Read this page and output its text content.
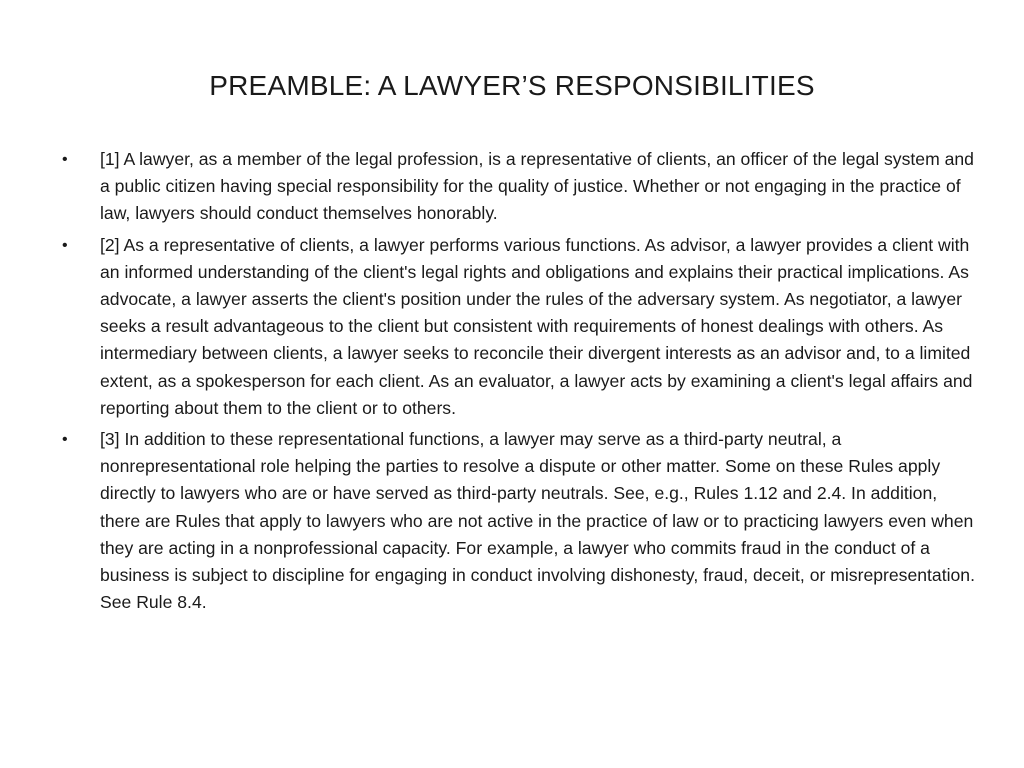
PREAMBLE: A LAWYER’S RESPONSIBILITIES
• [1] A lawyer, as a member of the legal profession, is a representative of clients, an officer of the legal system and a public citizen having special responsibility for the quality of justice. Whether or not engaging in the practice of law, lawyers should conduct themselves honorably.
• [2] As a representative of clients, a lawyer performs various functions. As advisor, a lawyer provides a client with an informed understanding of the client's legal rights and obligations and explains their practical implications. As advocate, a lawyer asserts the client's position under the rules of the adversary system. As negotiator, a lawyer seeks a result advantageous to the client but consistent with requirements of honest dealings with others. As intermediary between clients, a lawyer seeks to reconcile their divergent interests as an advisor and, to a limited extent, as a spokesperson for each client. As an evaluator, a lawyer acts by examining a client's legal affairs and reporting about them to the client or to others.
• [3] In addition to these representational functions, a lawyer may serve as a third-party neutral, a nonrepresentational role helping the parties to resolve a dispute or other matter. Some on these Rules apply directly to lawyers who are or have served as third-party neutrals. See, e.g., Rules 1.12 and 2.4. In addition, there are Rules that apply to lawyers who are not active in the practice of law or to practicing lawyers even when they are acting in a nonprofessional capacity. For example, a lawyer who commits fraud in the conduct of a business is subject to discipline for engaging in conduct involving dishonesty, fraud, deceit, or misrepresentation. See Rule 8.4.
